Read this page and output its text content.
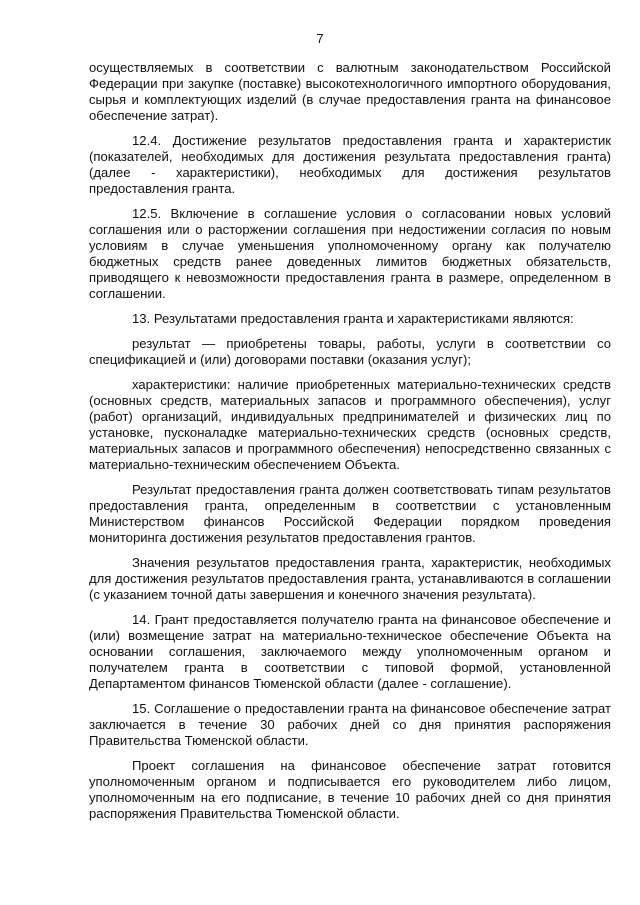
7

осуществляемых в соответствии с валютным законодательством Российской Федерации при закупке (поставке) высокотехнологичного импортного оборудования, сырья и комплектующих изделий (в случае предоставления гранта на финансовое обеспечение затрат).

12.4. Достижение результатов предоставления гранта и характеристик (показателей, необходимых для достижения результата предоставления гранта) (далее - характеристики), необходимых для достижения результатов предоставления гранта.

12.5. Включение в соглашение условия о согласовании новых условий соглашения или о расторжении соглашения при недостижении согласия по новым условиям в случае уменьшения уполномоченному органу как получателю бюджетных средств ранее доведенных лимитов бюджетных обязательств, приводящего к невозможности предоставления гранта в размере, определенном в соглашении.

13. Результатами предоставления гранта и характеристиками являются:

результат — приобретены товары, работы, услуги в соответствии со спецификацией и (или) договорами поставки (оказания услуг);

характеристики: наличие приобретенных материально-технических средств (основных средств, материальных запасов и программного обеспечения), услуг (работ) организаций, индивидуальных предпринимателей и физических лиц по установке, пусконаладке материально-технических средств (основных средств, материальных запасов и программного обеспечения) непосредственно связанных с материально-техническим обеспечением Объекта.

Результат предоставления гранта должен соответствовать типам результатов предоставления гранта, определенным в соответствии с установленным Министерством финансов Российской Федерации порядком проведения мониторинга достижения результатов предоставления грантов.

Значения результатов предоставления гранта, характеристик, необходимых для достижения результатов предоставления гранта, устанавливаются в соглашении (с указанием точной даты завершения и конечного значения результата).

14. Грант предоставляется получателю гранта на финансовое обеспечение и (или) возмещение затрат на материально-техническое обеспечение Объекта на основании соглашения, заключаемого между уполномоченным органом и получателем гранта в соответствии с типовой формой, установленной Департаментом финансов Тюменской области (далее - соглашение).

15. Соглашение о предоставлении гранта на финансовое обеспечение затрат заключается в течение 30 рабочих дней со дня принятия распоряжения Правительства Тюменской области.

Проект соглашения на финансовое обеспечение затрат готовится уполномоченным органом и подписывается его руководителем либо лицом, уполномоченным на его подписание, в течение 10 рабочих дней со дня принятия распоряжения Правительства Тюменской области.
